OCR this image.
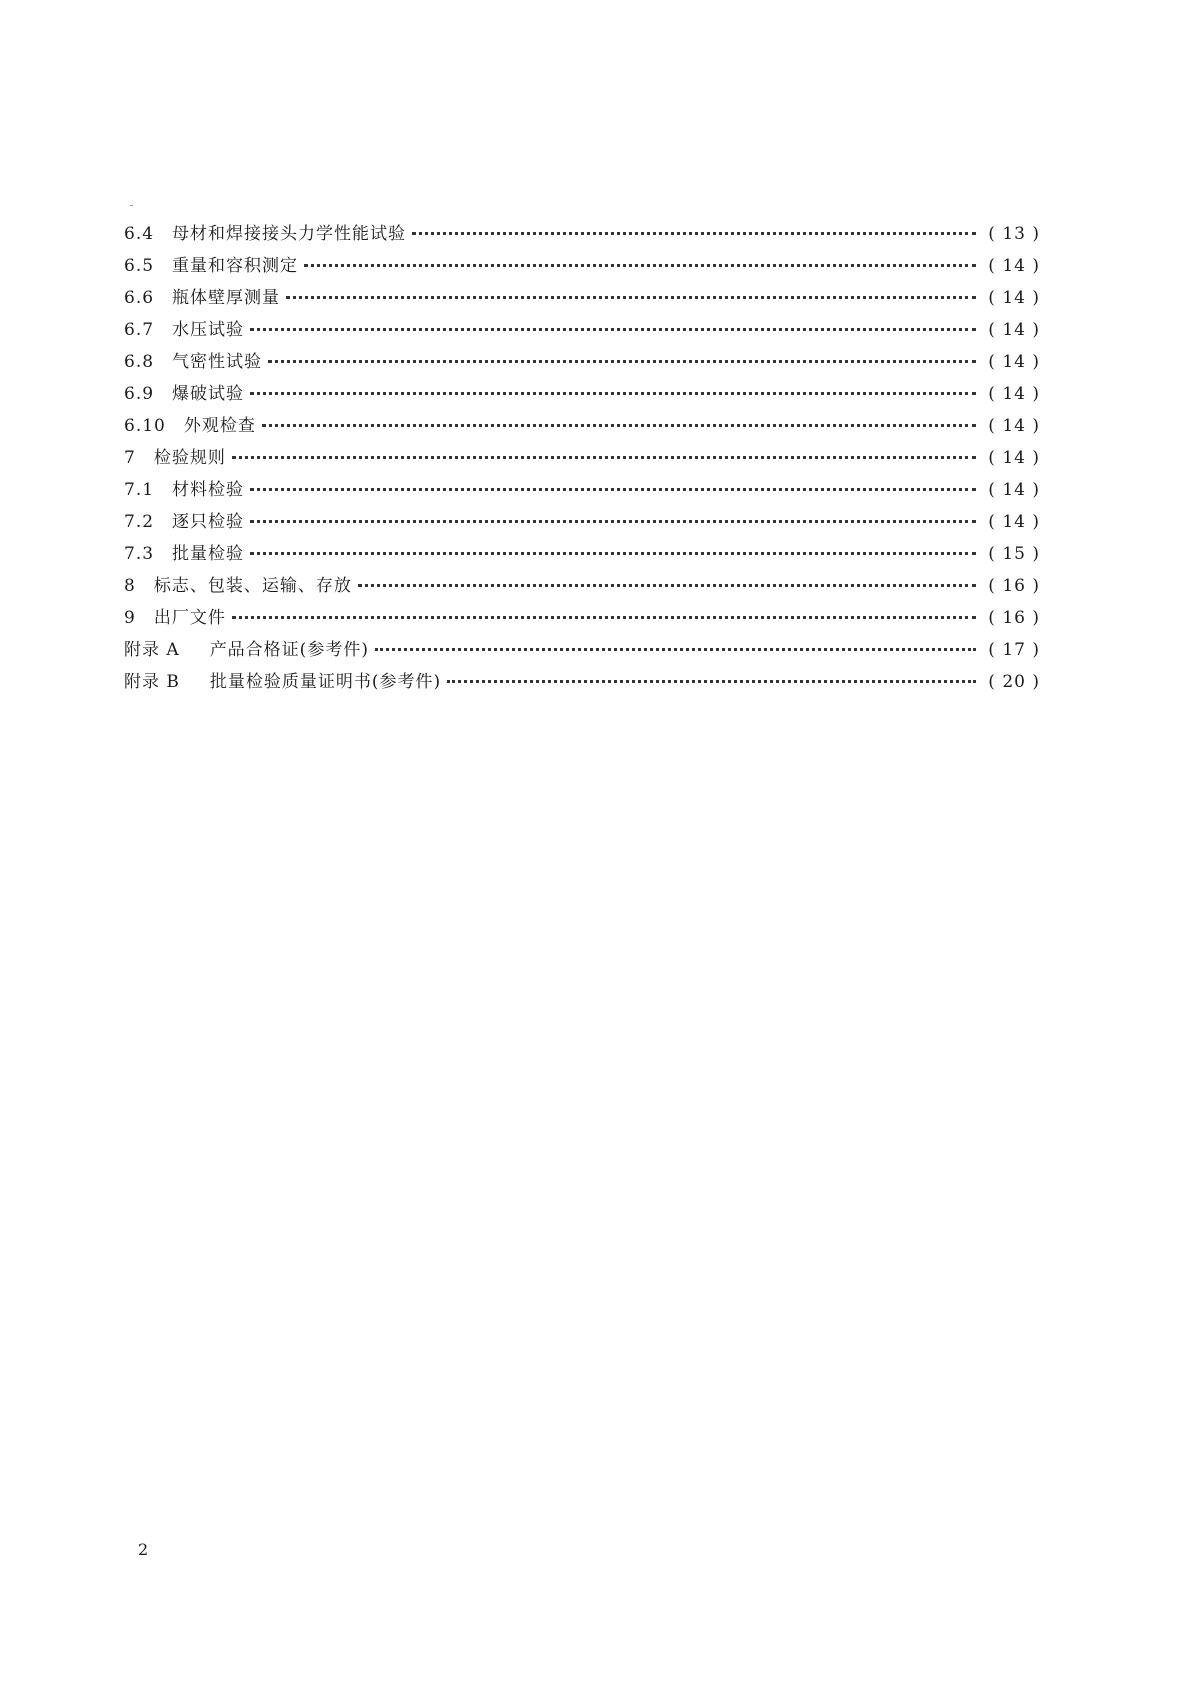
6.4 母材和焊接接头力学性能试验	( 13 )
6.5 重量和容积测定	( 14 )
6.6 瓶体壁厚测量	( 14 )
6.7 水压试验	( 14 )
6.8 气密性试验	( 14 )
6.9 爆破试验	( 14 )
6.10 外观检查	( 14 )
7 检验规则	( 14 )
7.1 材料检验	( 14 )
7.2 逐只检验	( 14 )
7.3 批量检验	( 15 )
8 标志、包装、运输、存放	( 16 )
9 出厂文件	( 16 )
附录 A 产品合格证(参考件)	( 17 )
附录 B 批量检验质量证明书(参考件)	( 20 )
2
